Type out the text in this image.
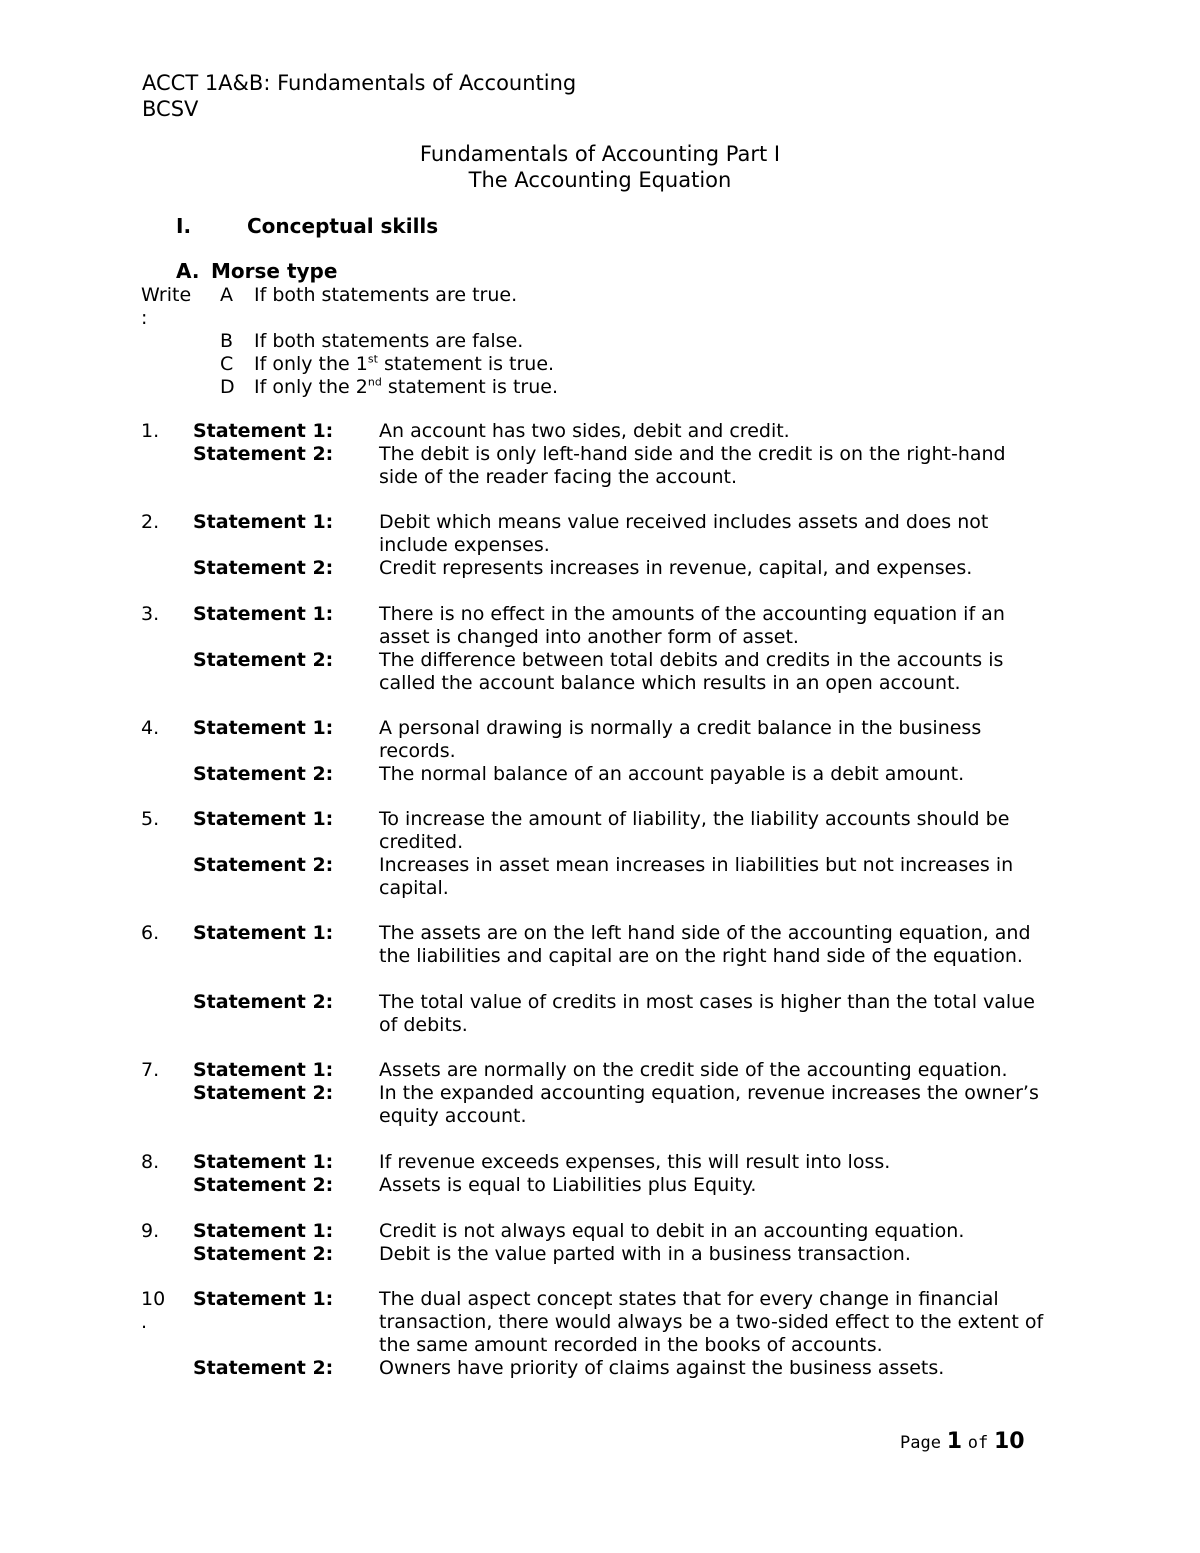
ACCT 1A&B: Fundamentals of Accounting
BCSV
Fundamentals of Accounting Part I
The Accounting Equation
I.	Conceptual skills
A. Morse type
Write
:
A If both statements are true.
B If both statements are false.
C If only the 1st statement is true.
D If only the 2nd statement is true.
1.	Statement 1: An account has two sides, debit and credit.
Statement 2: The debit is only left-hand side and the credit is on the right-hand side of the reader facing the account.
2.	Statement 1: Debit which means value received includes assets and does not include expenses.
Statement 2: Credit represents increases in revenue, capital, and expenses.
3.	Statement 1: There is no effect in the amounts of the accounting equation if an asset is changed into another form of asset.
Statement 2: The difference between total debits and credits in the accounts is called the account balance which results in an open account.
4.	Statement 1: A personal drawing is normally a credit balance in the business records.
Statement 2: The normal balance of an account payable is a debit amount.
5.	Statement 1: To increase the amount of liability, the liability accounts should be credited.
Statement 2: Increases in asset mean increases in liabilities but not increases in capital.
6.	Statement 1: The assets are on the left hand side of the accounting equation, and the liabilities and capital are on the right hand side of the equation.
Statement 2: The total value of credits in most cases is higher than the total value of debits.
7.	Statement 1: Assets are normally on the credit side of the accounting equation.
Statement 2: In the expanded accounting equation, revenue increases the owner’s equity account.
8.	Statement 1: If revenue exceeds expenses, this will result into loss.
Statement 2: Assets is equal to Liabilities plus Equity.
9.	Statement 1: Credit is not always equal to debit in an accounting equation.
Statement 2: Debit is the value parted with in a business transaction.
10
.
Statement 1: The dual aspect concept states that for every change in financial transaction, there would always be a two-sided effect to the extent of the same amount recorded in the books of accounts.
Statement 2: Owners have priority of claims against the business assets.
Page 1 of 10
